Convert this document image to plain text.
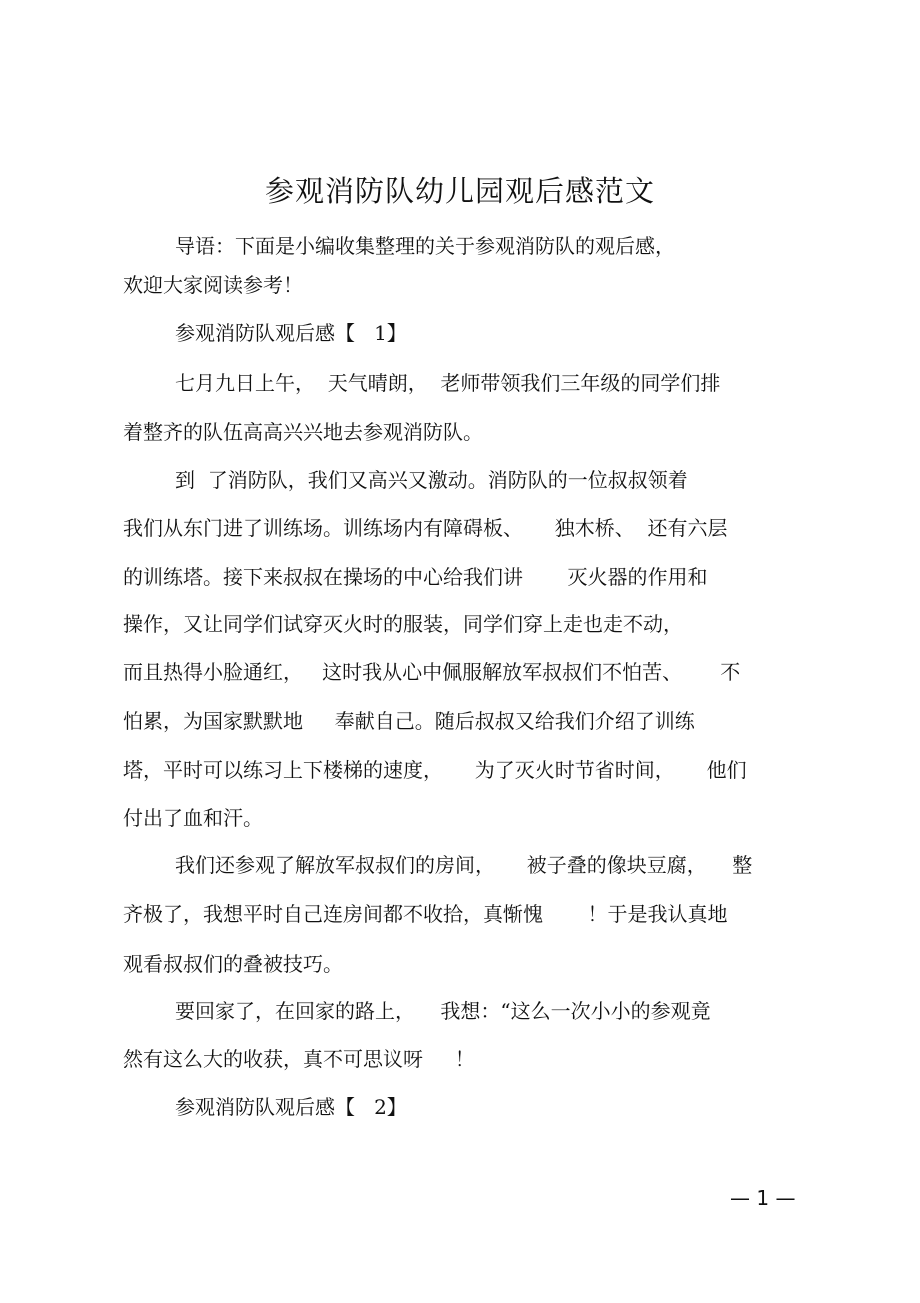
参观消防队幼儿园观后感范文
导语：下面是小编收集整理的关于参观消防队的观后感，
欢迎大家阅读参考！
参观消防队观后感【   1】
七月九日上午，  天气晴朗，  老师带领我们三年级的同学们排
着整齐的队伍高高兴兴地去参观消防队。
到  了消防队，我们又高兴又激动。消防队的一位叔叔领着
我们从东门进了训练场。训练场内有障碍板、     独木桥、  还有六层
的训练塔。接下来叔叔在操场的中心给我们讲       灭火器的作用和
操作，又让同学们试穿灭火时的服装，同学们穿上走也走不动，
而且热得小脸通红，   这时我从心中佩服解放军叔叔们不怕苦、      不
怕累，为国家默默地     奉献自己。随后叔叔又给我们介绍了训练
塔，平时可以练习上下楼梯的速度，     为了灭火时节省时间，     他们
付出了血和汗。
我们还参观了解放军叔叔们的房间，     被子叠的像块豆腐，    整
齐极了，我想平时自己连房间都不收拾，真惭愧       ！于是我认真地
观看叔叔们的叠被技巧。
要回家了，在回家的路上，    我想：“这么一次小小的参观竟
然有这么大的收获，真不可思议呀     ！
参观消防队观后感【   2】
— 1 —
